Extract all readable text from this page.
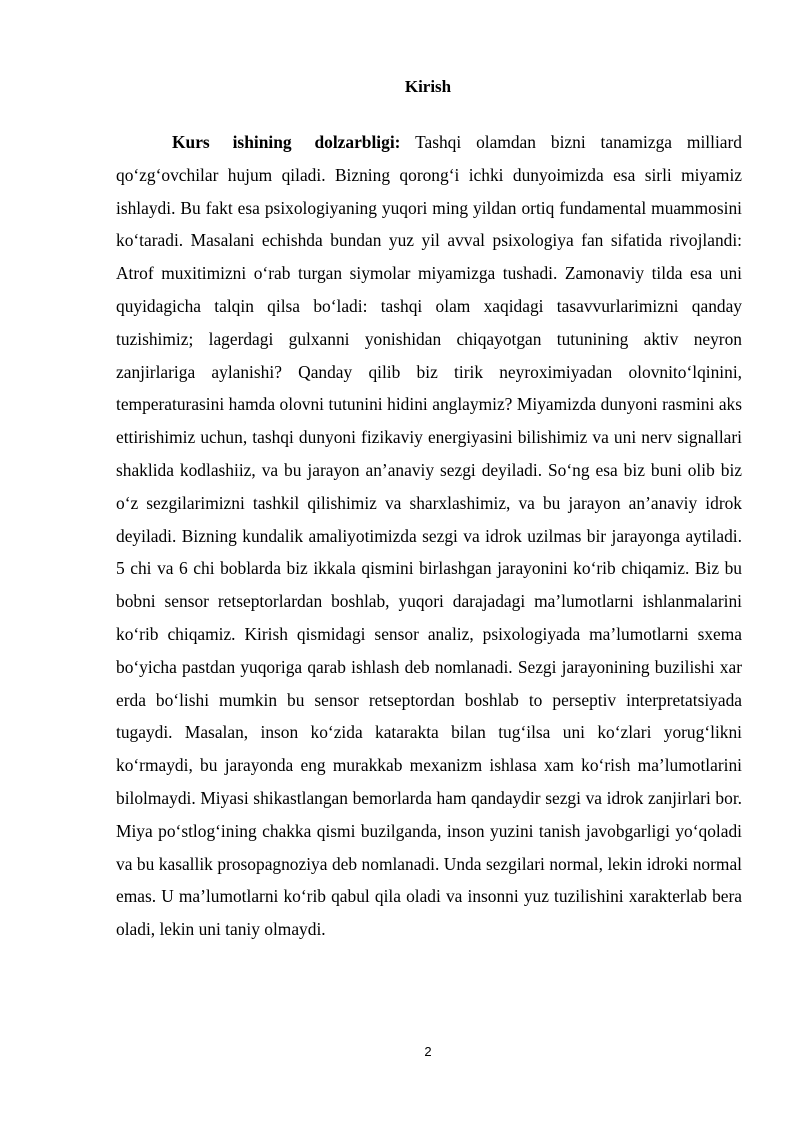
Kirish

Kurs ishining dolzarbligi: Tashqi olamdan bizni tanamizga milliard qo‘zg‘ovchilar hujum qiladi. Bizning qorong‘i ichki dunyoimizda esa sirli miyamiz ishlaydi. Bu fakt esa psixologiyaning yuqori ming yildan ortiq fundamental muammosini ko‘taradi. Masalani echishda bundan yuz yil avval psixologiya fan sifatida rivojlandi: Atrof muxitimizni o‘rab turgan siymolar miyamizga tushadi. Zamonaviy tilda esa uni quyidagicha talqin qilsa bo‘ladi: tashqi olam xaqidagi tasavvurlarimizni qanday tuzishimiz; lagerdagi gulxanni yonishidan chiqayotgan tutunining aktiv neyron zanjirlariga aylanishi? Qanday qilib biz tirik neyroximiyadan olovnito‘lqinini, temperaturasini hamda olovni tutunini hidini anglaymiz? Miyamizda dunyoni rasmini aks ettirishimiz uchun, tashqi dunyoni fizikaviy energiyasini bilishimiz va uni nerv signallari shaklida kodlashiiz, va bu jarayon an’anaviy sezgi deyiladi. So‘ng esa biz buni olib biz o‘z sezgilarimizni tashkil qilishimiz va sharxlashimiz, va bu jarayon an’anaviy idrok deyiladi. Bizning kundalik amaliyotimizda sezgi va idrok uzilmas bir jarayonga aytiladi. 5 chi va 6 chi boblarda biz ikkala qismini birlashgan jarayonini ko‘rib chiqamiz. Biz bu bobni sensor retseptorlardan boshlab, yuqori darajadagi ma’lumotlarni ishlanmalarini ko‘rib chiqamiz. Kirish qismidagi sensor analiz, psixologiyada ma’lumotlarni sxema bo‘yicha pastdan yuqoriga qarab ishlash deb nomlanadi. Sezgi jarayonining buzilishi xar erda bo‘lishi mumkin bu sensor retseptordan boshlab to perseptiv interpretatsiyada tugaydi. Masalan, inson ko‘zida katarakta bilan tug‘ilsa uni ko‘zlari yorug‘likni ko‘rmaydi, bu jarayonda eng murakkab mexanizm ishlasa xam ko‘rish ma’lumotlarini bilolmaydi. Miyasi shikastlangan bemorlarda ham qandaydir sezgi va idrok zanjirlari bor. Miya po‘stlog‘ining chakka qismi buzilganda, inson yuzini tanish javobgarligi yo‘qoladi va bu kasallik prosopagnoziya deb nomlanadi. Unda sezgilari normal, lekin idroki normal emas. U ma’lumotlarni ko‘rib qabul qila oladi va insonni yuz tuzilishini xarakterlab bera oladi, lekin uni taniy olmaydi.

2
